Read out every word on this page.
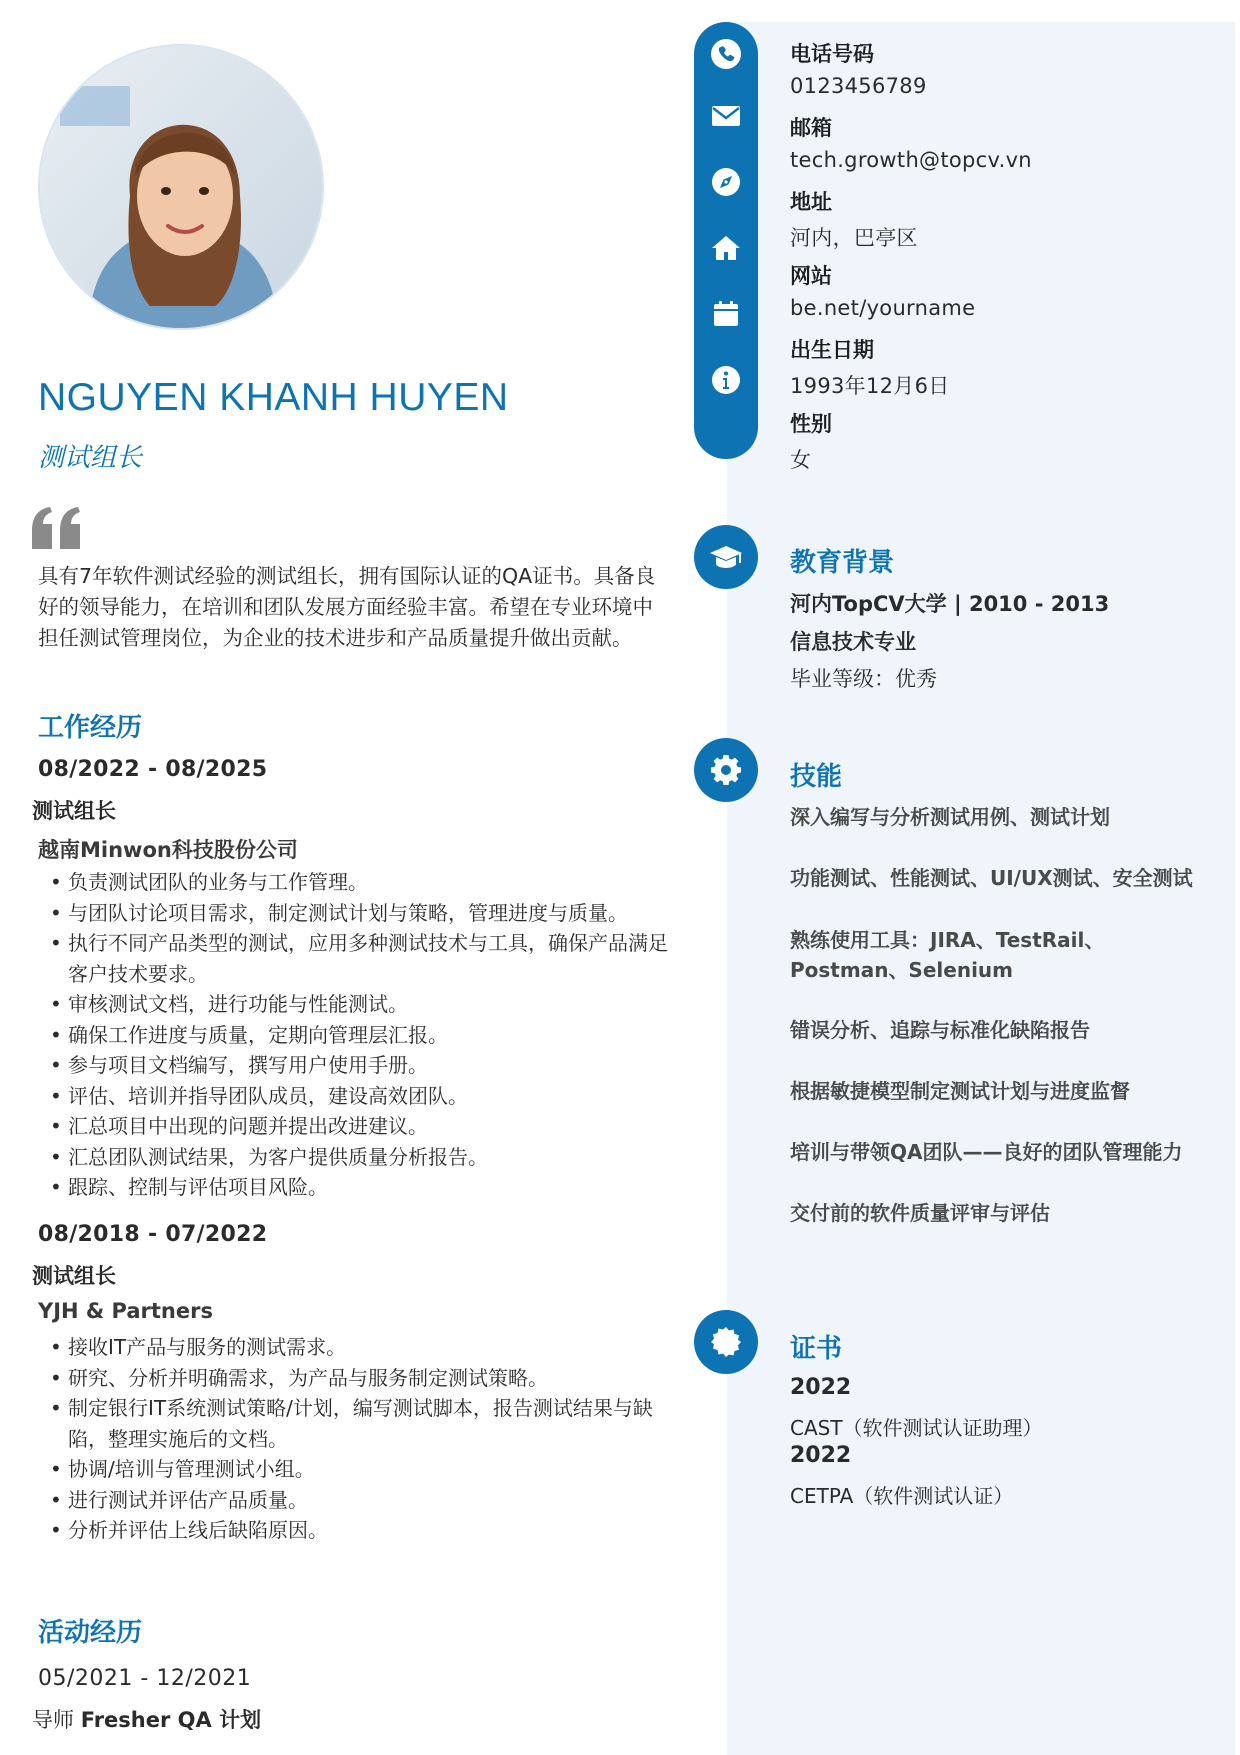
电话号码
0123456789
邮箱
tech.growth@topcv.vn
地址
河内，巴亭区
网站
be.net/yourname
出生日期
1993年12月6日
性别
女
NGUYEN KHANH HUYEN
测试组长
具有7年软件测试经验的测试组长，拥有国际认证的QA证书。具备良好的领导能力，在培训和团队发展方面经验丰富。希望在专业环境中担任测试管理岗位，为企业的技术进步和产品质量提升做出贡献。
工作经历
08/2022 - 08/2025
测试组长
越南Minwon科技股份公司
• 负责测试团队的业务与工作管理。
• 与团队讨论项目需求，制定测试计划与策略，管理进度与质量。
• 执行不同产品类型的测试，应用多种测试技术与工具，确保产品满足客户技术要求。
• 审核测试文档，进行功能与性能测试。
• 确保工作进度与质量，定期向管理层汇报。
• 参与项目文档编写，撰写用户使用手册。
• 评估、培训并指导团队成员，建设高效团队。
• 汇总项目中出现的问题并提出改进建议。
• 汇总团队测试结果，为客户提供质量分析报告。
• 跟踪、控制与评估项目风险。
08/2018 - 07/2022
测试组长
YJH & Partners
• 接收IT产品与服务的测试需求。
• 研究、分析并明确需求，为产品与服务制定测试策略。
• 制定银行IT系统测试策略/计划，编写测试脚本，报告测试结果与缺陷，整理实施后的文档。
• 协调/培训与管理测试小组。
• 进行测试并评估产品质量。
• 分析并评估上线后缺陷原因。
活动经历
05/2021 - 12/2021
导师 Fresher QA 计划
教育背景
河内TopCV大学 | 2010 - 2013
信息技术专业
毕业等级：优秀
技能
深入编写与分析测试用例、测试计划
功能测试、性能测试、UI/UX测试、安全测试
熟练使用工具：JIRA、TestRail、Postman、Selenium
错误分析、追踪与标准化缺陷报告
根据敏捷模型制定测试计划与进度监督
培训与带领QA团队——良好的团队管理能力
交付前的软件质量评审与评估
证书
2022
CAST（软件测试认证助理）
2022
CETPA（软件测试认证）
